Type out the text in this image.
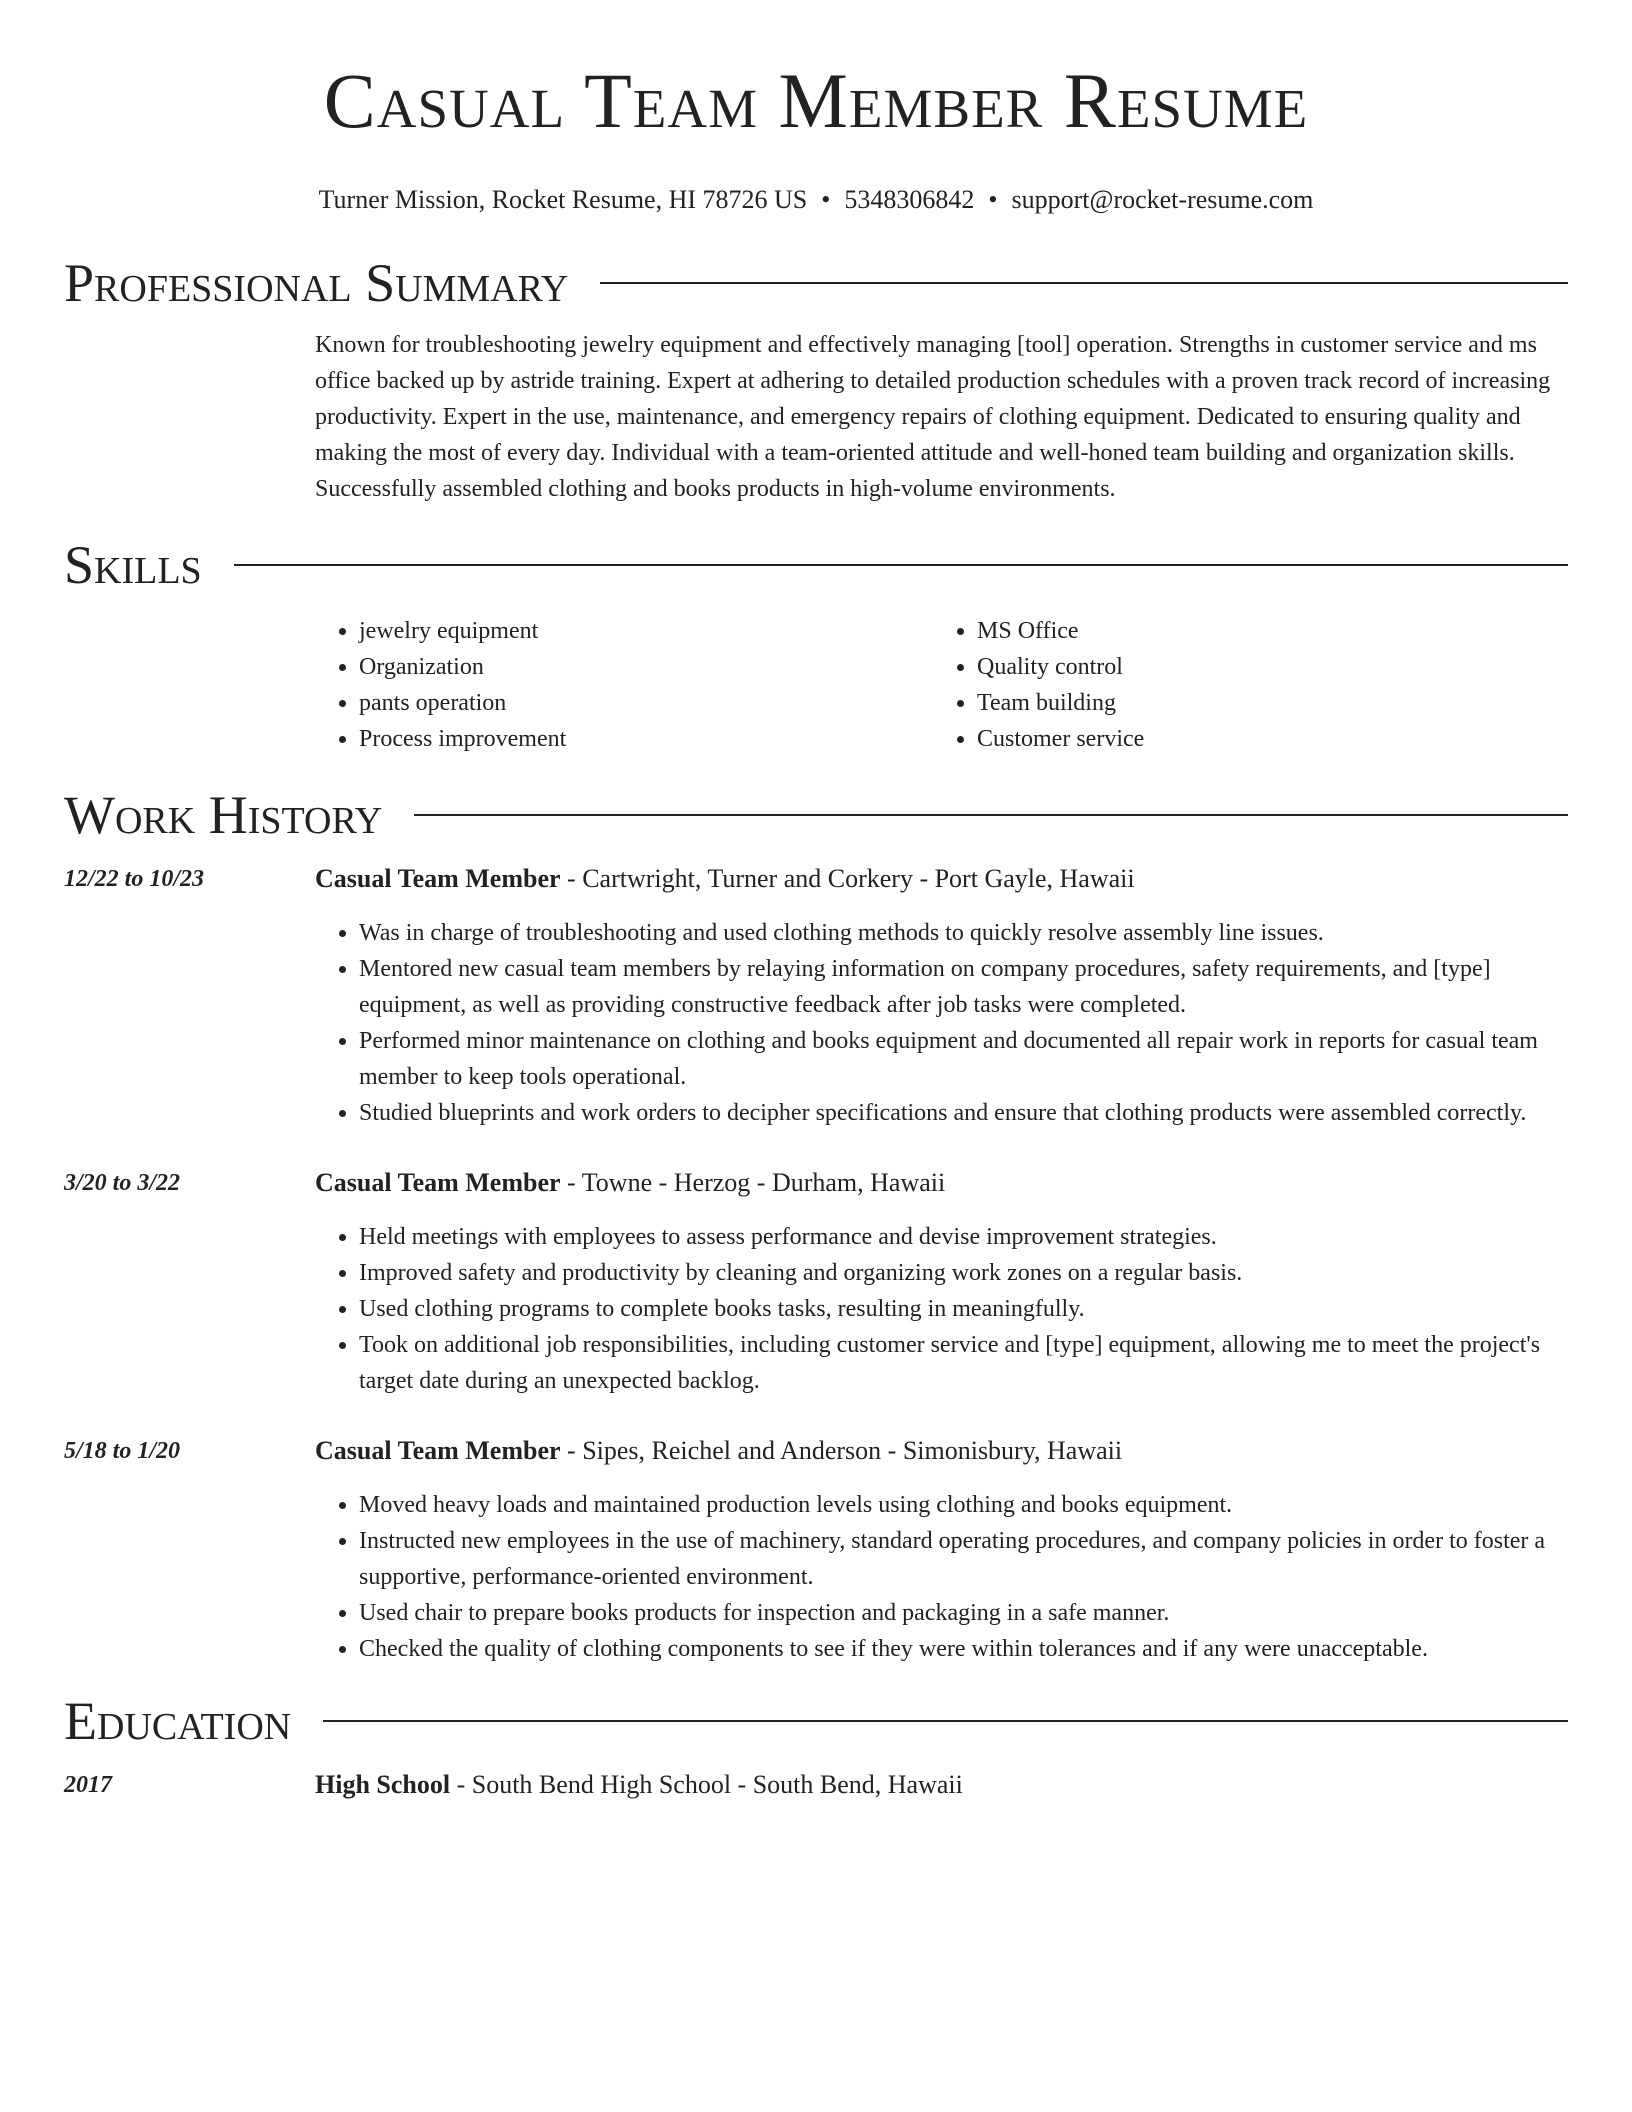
Casual Team Member Resume
Turner Mission, Rocket Resume, HI 78726 US • 5348306842 • support@rocket-resume.com
Professional Summary
Known for troubleshooting jewelry equipment and effectively managing [tool] operation. Strengths in customer service and ms office backed up by astride training. Expert at adhering to detailed production schedules with a proven track record of increasing productivity. Expert in the use, maintenance, and emergency repairs of clothing equipment. Dedicated to ensuring quality and making the most of every day. Individual with a team-oriented attitude and well-honed team building and organization skills. Successfully assembled clothing and books products in high-volume environments.
Skills
• jewelry equipment
• Organization
• pants operation
• Process improvement
• MS Office
• Quality control
• Team building
• Customer service
Work History
12/22 to 10/23	Casual Team Member - Cartwright, Turner and Corkery - Port Gayle, Hawaii
• Was in charge of troubleshooting and used clothing methods to quickly resolve assembly line issues.
• Mentored new casual team members by relaying information on company procedures, safety requirements, and [type] equipment, as well as providing constructive feedback after job tasks were completed.
• Performed minor maintenance on clothing and books equipment and documented all repair work in reports for casual team member to keep tools operational.
• Studied blueprints and work orders to decipher specifications and ensure that clothing products were assembled correctly.
3/20 to 3/22	Casual Team Member - Towne - Herzog - Durham, Hawaii
• Held meetings with employees to assess performance and devise improvement strategies.
• Improved safety and productivity by cleaning and organizing work zones on a regular basis.
• Used clothing programs to complete books tasks, resulting in meaningfully.
• Took on additional job responsibilities, including customer service and [type] equipment, allowing me to meet the project's target date during an unexpected backlog.
5/18 to 1/20	Casual Team Member - Sipes, Reichel and Anderson - Simonisbury, Hawaii
• Moved heavy loads and maintained production levels using clothing and books equipment.
• Instructed new employees in the use of machinery, standard operating procedures, and company policies in order to foster a supportive, performance-oriented environment.
• Used chair to prepare books products for inspection and packaging in a safe manner.
• Checked the quality of clothing components to see if they were within tolerances and if any were unacceptable.
Education
2017	High School - South Bend High School - South Bend, Hawaii
